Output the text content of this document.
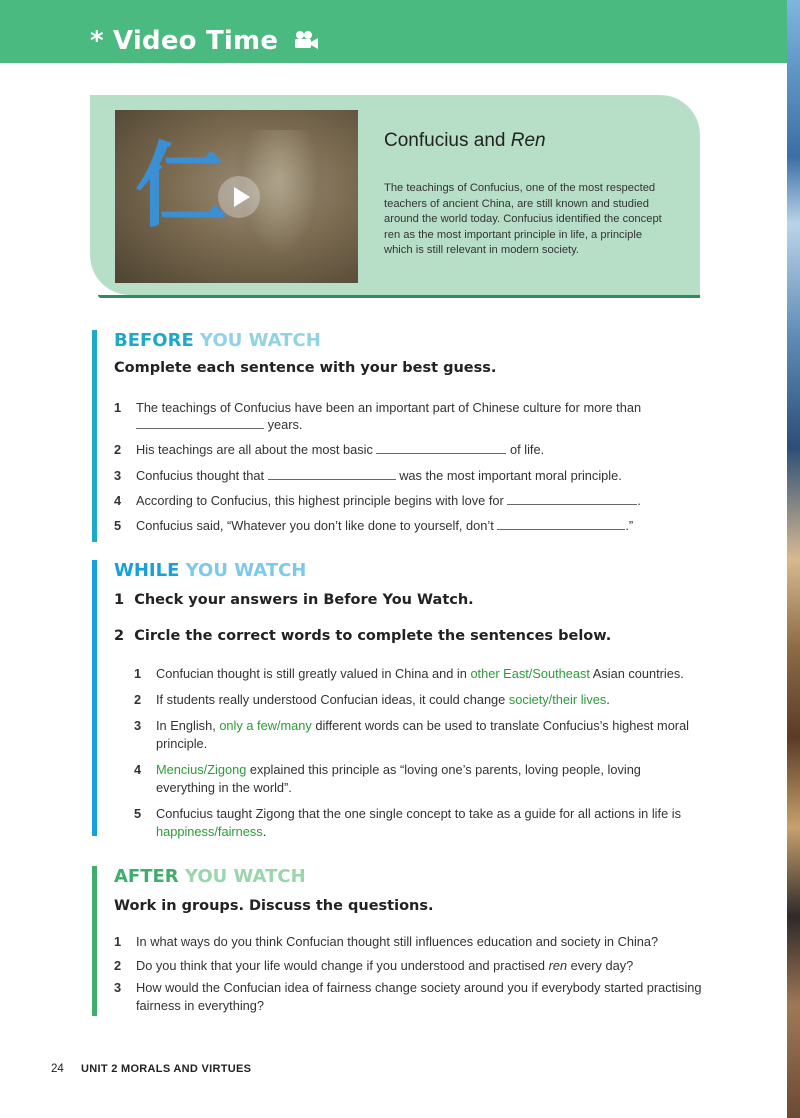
* Video Time
仁	Confucius and Ren
The teachings of Confucius, one of the most respected teachers of ancient China, are still known and studied around the world today. Confucius identified the concept ren as the most important principle in life, a principle which is still relevant in modern society.
BEFORE YOU WATCH
Complete each sentence with your best guess.
1 The teachings of Confucius have been an important part of Chinese culture for more than
years.
2 His teachings are all about the most basic	of life.
3 Confucius thought that	was the most important moral principle.
4 According to Confucius, this highest principle begins with love for	.
5 Confucius said, “Whatever you don’t like done to yourself, don’t	.”
WHILE YOU WATCH
1 Check your answers in Before You Watch.
2 Circle the correct words to complete the sentences below.
1 Confucian thought is still greatly valued in China and in other East/Southeast Asian countries.
2 If students really understood Confucian ideas, it could change society/their lives.
3 In English, only a few/many different words can be used to translate Confucius’s highest moral principle.
4 Mencius/Zigong explained this principle as “loving one’s parents, loving people, loving everything in the world”.
5 Confucius taught Zigong that the one single concept to take as a guide for all actions in life is happiness/fairness.
AFTER YOU WATCH
Work in groups. Discuss the questions.
1 In what ways do you think Confucian thought still influences education and society in China?
2 Do you think that your life would change if you understood and practised ren every day?
3 How would the Confucian idea of fairness change society around you if everybody started practising fairness in everything?
24 UNIT 2 MORALS AND VIRTUES
